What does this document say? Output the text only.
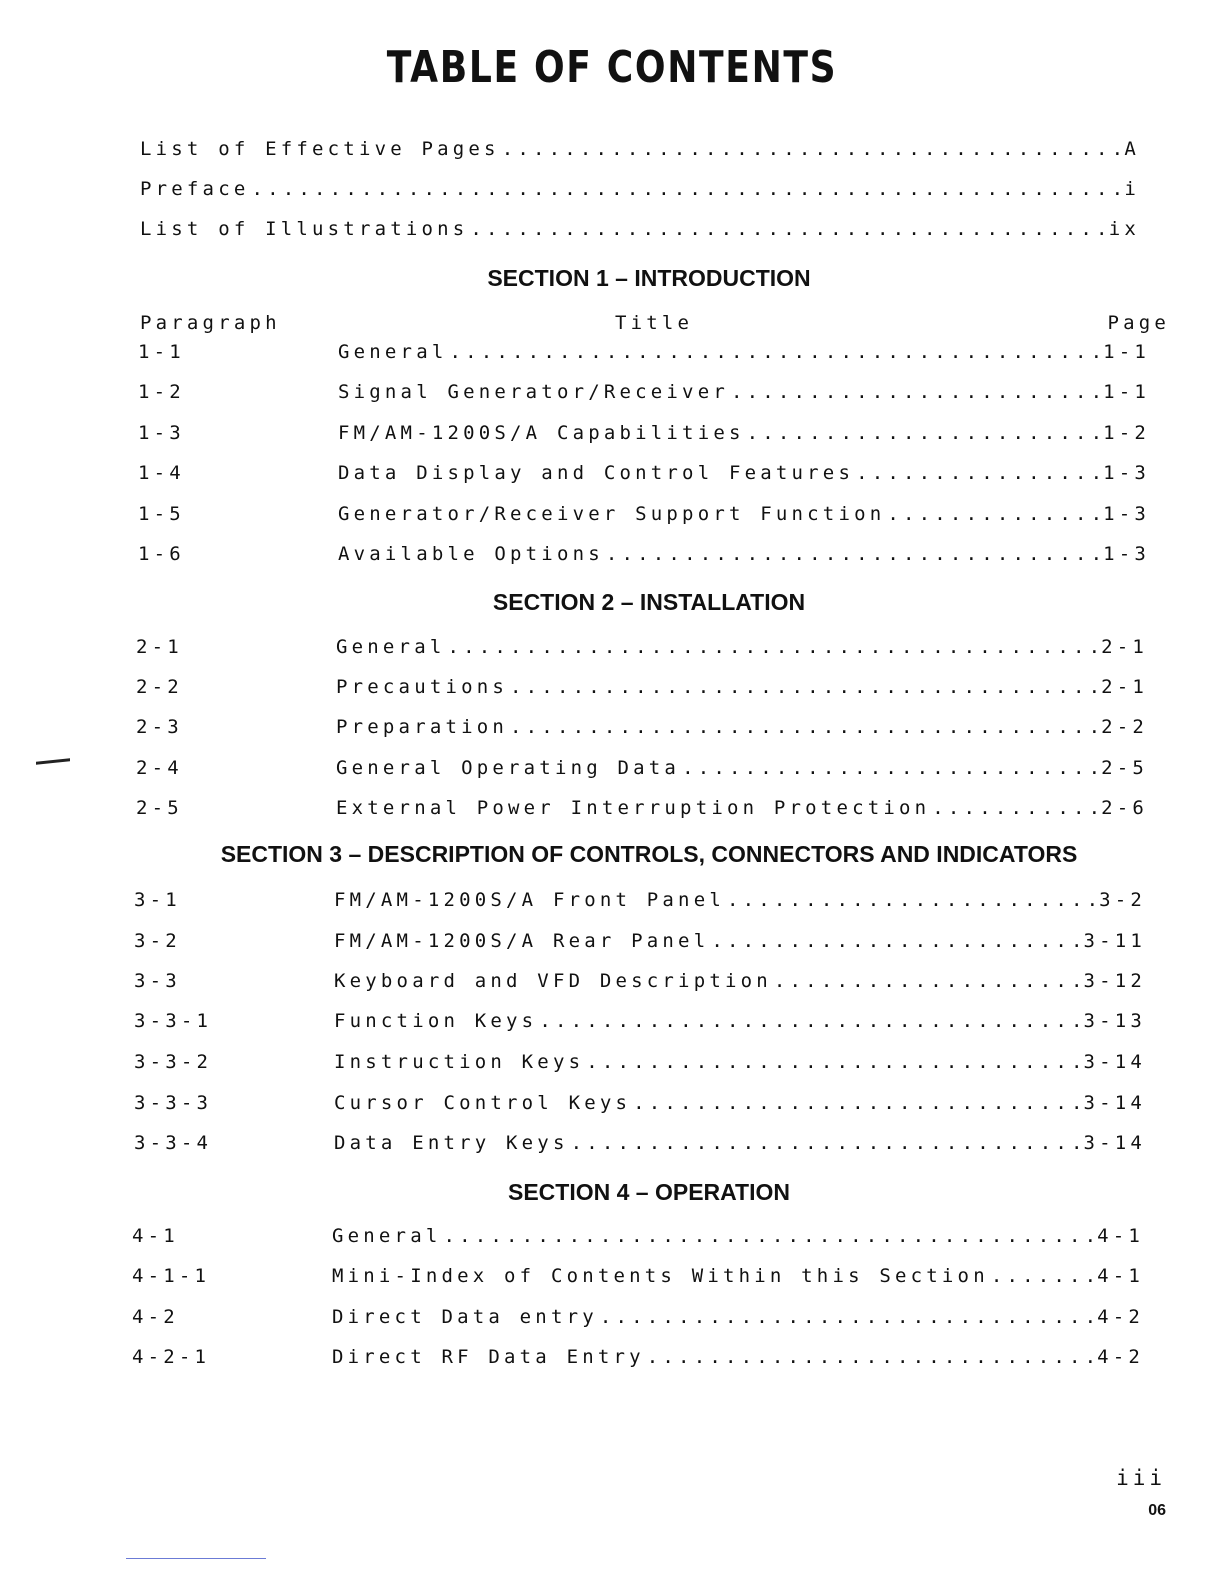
TABLE OF CONTENTS
List of Effective Pages .....	A
Preface .....	i
List of Illustrations .....	ix
SECTION 1 – INTRODUCTION
Paragraph	Title	Page
1-1	General .....	1-1
1-2	Signal Generator/Receiver .....	1-1
1-3	FM/AM-1200S/A Capabilities .....	1-2
1-4	Data Display and Control Features .....	1-3
1-5	Generator/Receiver Support Function .....	1-3
1-6	Available Options .....	1-3
SECTION 2 – INSTALLATION
2-1	General .....	2-1
2-2	Precautions .....	2-1
2-3	Preparation .....	2-2
2-4	General Operating Data .....	2-5
2-5	External Power Interruption Protection .....	2-6
SECTION 3 – DESCRIPTION OF CONTROLS, CONNECTORS AND INDICATORS
3-1	FM/AM-1200S/A Front Panel .....	3-2
3-2	FM/AM-1200S/A Rear Panel .....	3-11
3-3	Keyboard and VFD Description .....	3-12
3-3-1	Function Keys .....	3-13
3-3-2	Instruction Keys .....	3-14
3-3-3	Cursor Control Keys .....	3-14
3-3-4	Data Entry Keys .....	3-14
SECTION 4 – OPERATION
4-1	General .....	4-1
4-1-1	Mini-Index of Contents Within this Section .....	4-1
4-2	Direct Data entry .....	4-2
4-2-1	Direct RF Data Entry .....	4-2
iii
06
